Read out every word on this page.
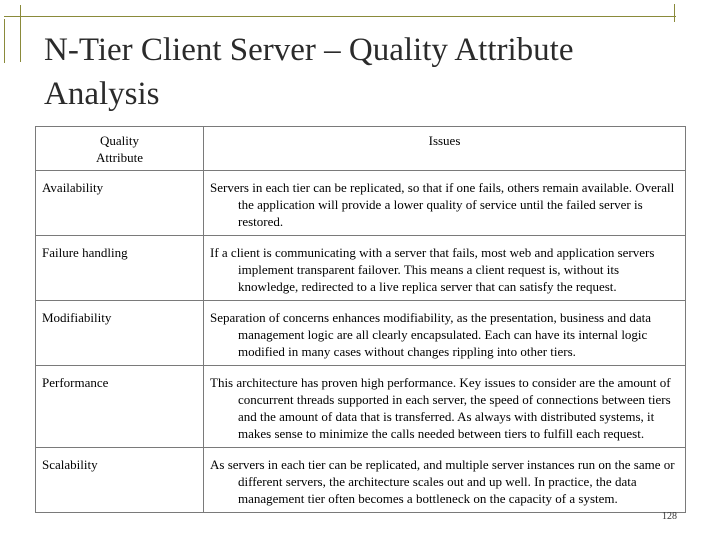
N-Tier Client Server – Quality Attribute Analysis
Quality Attribute	Issues
Availability	Servers in each tier can be replicated, so that if one fails, others remain available. Overall the application will provide a lower quality of service until the failed server is restored.

Failure handling	If a client is communicating with a server that fails, most web and application servers implement transparent failover. This means a client request is, without its knowledge, redirected to a live replica server that can satisfy the request.

Modifiability	Separation of concerns enhances modifiability, as the presentation, business and data management logic are all clearly encapsulated. Each can have its internal logic modified in many cases without changes rippling into other tiers.

Performance	This architecture has proven high performance. Key issues to consider are the amount of concurrent threads supported in each server, the speed of connections between tiers and the amount of data that is transferred. As always with distributed systems, it makes sense to minimize the calls needed between tiers to fulfill each request.

Scalability	As servers in each tier can be replicated, and multiple server instances run on the same or different servers, the architecture scales out and up well. In practice, the data management tier often becomes a bottleneck on the capacity of a system.
128
